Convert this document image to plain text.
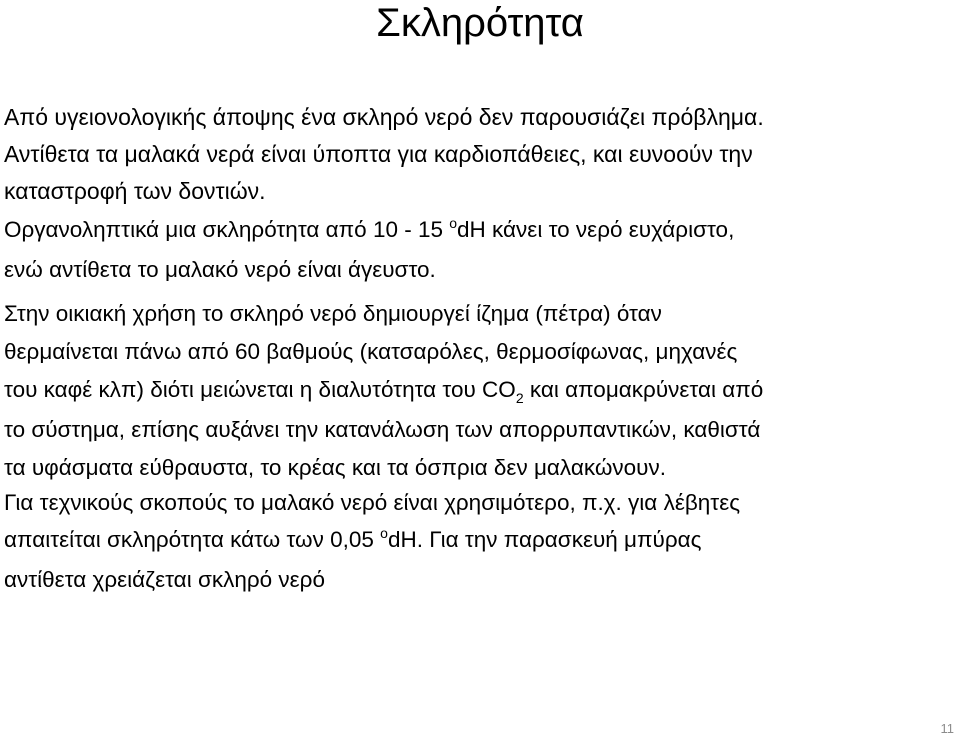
Σκληρότητα

Από υγειονολογικής άποψης ένα σκληρό νερό δεν παρουσιάζει πρόβλημα.
Αντίθετα τα μαλακά νερά είναι ύποπτα για καρδιοπάθειες, και ευνοούν την
καταστροφή των δοντιών.

Οργανοληπτικά μια σκληρότητα από 10 - 15 $^o$dH κάνει το νερό ευχάριστο,
ενώ αντίθετα το μαλακό νερό είναι άγευστο.

Στην οικιακή χρήση το σκληρό νερό δημιουργεί ίζημα (πέτρα) όταν
θερμαίνεται πάνω από 60 βαθμούς (κατσαρόλες, θερμοσίφωνας, μηχανές
του καφέ κλπ) διότι μειώνεται η διαλυτότητα του $CO_2$ και απομακρύνεται από
το σύστημα, επίσης αυξάνει την κατανάλωση των απορρυπαντικών, καθιστά
τα υφάσματα εύθραυστα, το κρέας και τα όσπρια δεν μαλακώνουν.

Για τεχνικούς σκοπούς το μαλακό νερό είναι χρησιμότερο, π.χ. για λέβητες
απαιτείται σκληρότητα κάτω των 0,05 $^o$dH. Για την παρασκευή μπύρας
αντίθετα χρειάζεται σκληρό νερό

11
